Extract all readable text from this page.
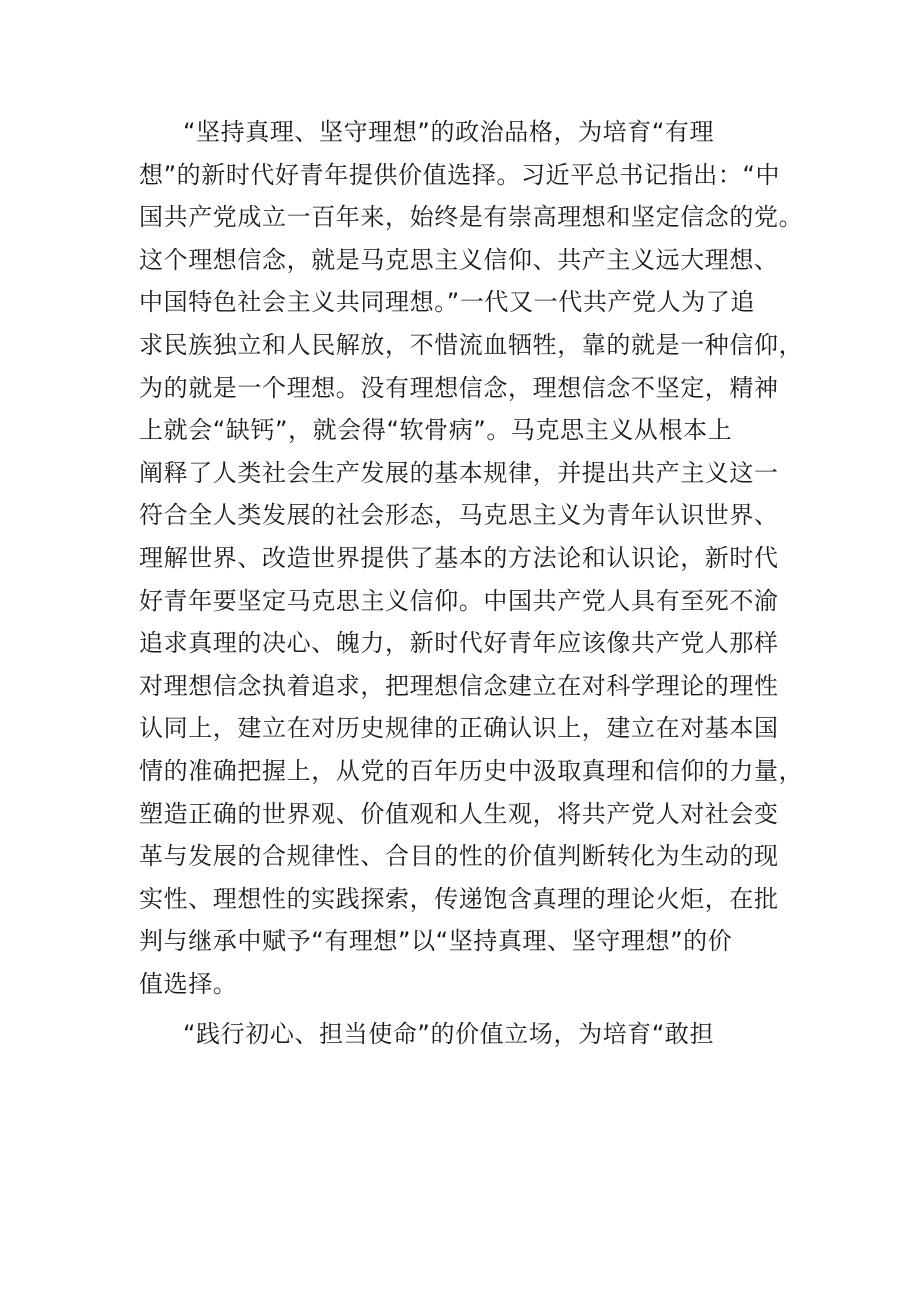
“坚持真理、坚守理想”的政治品格，为培育“有理
想”的新时代好青年提供价值选择。习近平总书记指出：“中
国共产党成立一百年来，始终是有崇高理想和坚定信念的党。
这个理想信念，就是马克思主义信仰、共产主义远大理想、
中国特色社会主义共同理想。”一代又一代共产党人为了追
求民族独立和人民解放，不惜流血牺牲，靠的就是一种信仰，
为的就是一个理想。没有理想信念，理想信念不坚定，精神
上就会“缺钙”，就会得“软骨病”。马克思主义从根本上
阐释了人类社会生产发展的基本规律，并提出共产主义这一
符合全人类发展的社会形态，马克思主义为青年认识世界、
理解世界、改造世界提供了基本的方法论和认识论，新时代
好青年要坚定马克思主义信仰。中国共产党人具有至死不渝
追求真理的决心、魄力，新时代好青年应该像共产党人那样
对理想信念执着追求，把理想信念建立在对科学理论的理性
认同上，建立在对历史规律的正确认识上，建立在对基本国
情的准确把握上，从党的百年历史中汲取真理和信仰的力量，
塑造正确的世界观、价值观和人生观，将共产党人对社会变
革与发展的合规律性、合目的性的价值判断转化为生动的现
实性、理想性的实践探索，传递饱含真理的理论火炬，在批
判与继承中赋予“有理想”以“坚持真理、坚守理想”的价
值选择。
“践行初心、担当使命”的价值立场，为培育“敢担
